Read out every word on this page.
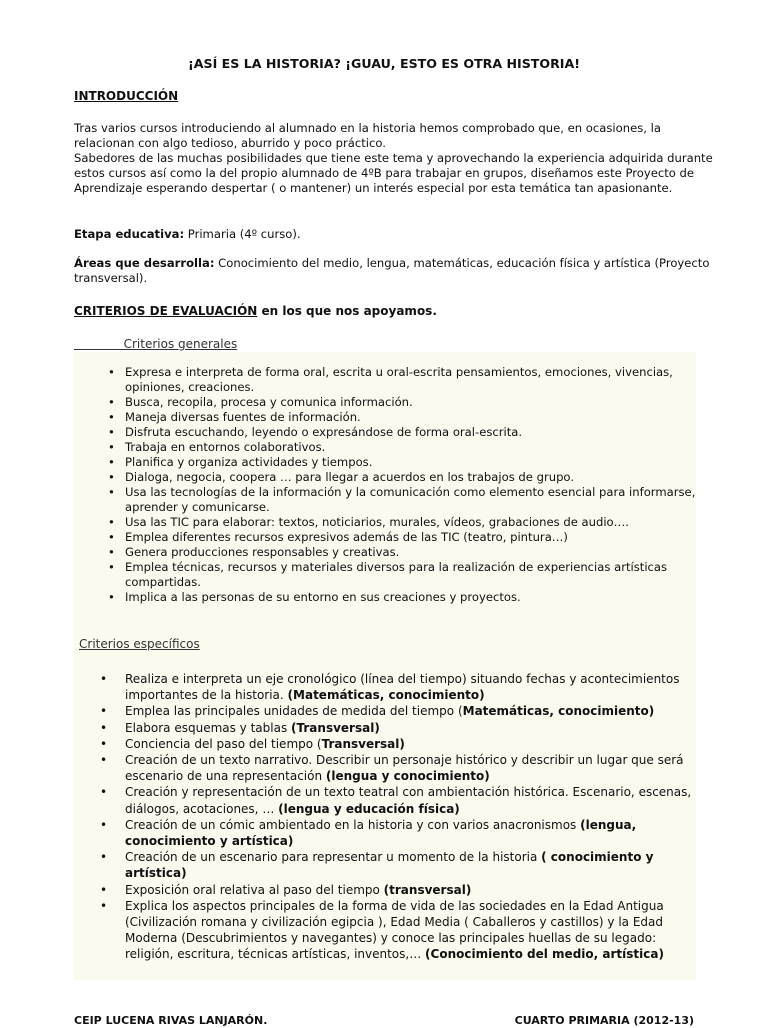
¡ASÍ ES LA HISTORIA? ¡GUAU, ESTO ES OTRA HISTORIA!
INTRODUCCIÓN
Tras varios cursos introduciendo al alumnado en la historia hemos comprobado que, en ocasiones, la relacionan con algo tedioso, aburrido y poco práctico.
Sabedores de las muchas posibilidades que tiene este tema y aprovechando la experiencia adquirida durante estos cursos así como la del propio alumnado de 4ºB para trabajar en grupos, diseñamos este Proyecto de Aprendizaje esperando despertar ( o mantener) un interés especial por esta temática tan apasionante.
Etapa educativa: Primaria (4º curso).
Áreas que desarrolla: Conocimiento del medio, lengua, matemáticas, educación física y artística (Proyecto transversal).
CRITERIOS DE EVALUACIÓN en los que nos apoyamos.
Criterios generales
• Expresa e interpreta de forma oral, escrita u oral-escrita pensamientos, emociones, vivencias, opiniones, creaciones.
• Busca, recopila, procesa y comunica información.
• Maneja diversas fuentes de información.
• Disfruta escuchando, leyendo o expresándose de forma oral-escrita.
• Trabaja en entornos colaborativos.
• Planifica y organiza actividades y tiempos.
• Dialoga, negocia, coopera … para llegar a acuerdos en los trabajos de grupo.
• Usa las tecnologías de la información y la comunicación como elemento esencial para informarse, aprender y comunicarse.
• Usa las TIC para elaborar: textos, noticiarios, murales, vídeos, grabaciones de audio….
• Emplea diferentes recursos expresivos además de las TIC (teatro, pintura…)
• Genera producciones responsables y creativas.
• Emplea técnicas, recursos y materiales diversos para la realización de experiencias artísticas compartidas.
• Implica a las personas de su entorno en sus creaciones y proyectos.
Criterios específicos
• Realiza e interpreta un eje cronológico (línea del tiempo) situando fechas y acontecimientos importantes de la historia. (Matemáticas, conocimiento)
• Emplea las principales unidades de medida del tiempo (Matemáticas, conocimiento)
• Elabora esquemas y tablas (Transversal)
• Conciencia del paso del tiempo (Transversal)
• Creación de un texto narrativo. Describir un personaje histórico y describir un lugar que será escenario de una representación (lengua y conocimiento)
• Creación y representación de un texto teatral con ambientación histórica. Escenario, escenas, diálogos, acotaciones, … (lengua y educación física)
• Creación de un cómic ambientado en la historia y con varios anacronismos (lengua, conocimiento y artística)
• Creación de un escenario para representar u momento de la historia ( conocimiento y artística)
• Exposición oral relativa al paso del tiempo (transversal)
• Explica los aspectos principales de la forma de vida de las sociedades en la Edad Antigua (Civilización romana y civilización egipcia ), Edad Media ( Caballeros y castillos) y la Edad Moderna (Descubrimientos y navegantes) y conoce las principales huellas de su legado: religión, escritura, técnicas artísticas, inventos,… (Conocimiento del medio, artística)
CEIP LUCENA RIVAS LANJARÓN.	CUARTO PRIMARIA (2012-13)
